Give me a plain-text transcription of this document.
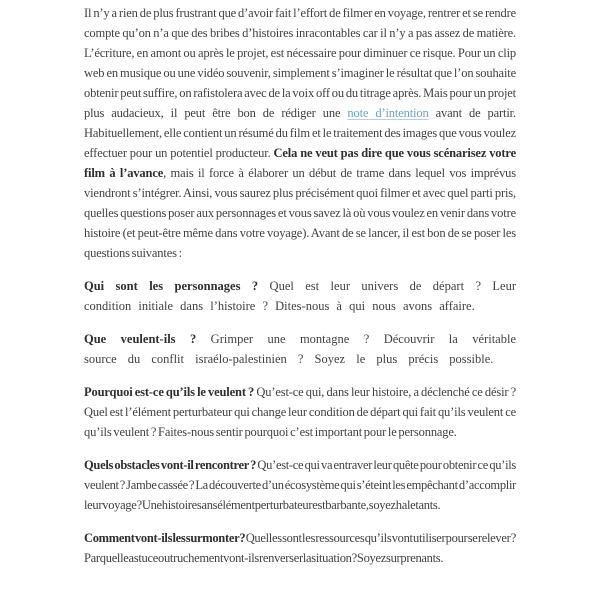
Il n’y a rien de plus frustrant que d’avoir fait l’effort de filmer en voyage, rentrer et se rendre compte qu’on n’a que des bribes d’histoires inracontables car il n’y a pas assez de matière. L’écriture, en amont ou après le projet, est nécessaire pour diminuer ce risque. Pour un clip web en musique ou une vidéo souvenir, simplement s’imaginer le résultat que l’on souhaite obtenir peut suffire, on rafistolera avec de la voix off ou du titrage après. Mais pour un projet plus audacieux, il peut être bon de rédiger une note d’intention avant de partir. Habituellement, elle contient un résumé du film et le traitement des images que vous voulez effectuer pour un potentiel producteur. Cela ne veut pas dire que vous scénarisez votre film à l’avance, mais il force à élaborer un début de trame dans lequel vos imprévus viendront s’intégrer. Ainsi, vous saurez plus précisément quoi filmer et avec quel parti pris, quelles questions poser aux personnages et vous savez là où vous voulez en venir dans votre histoire (et peut-être même dans votre voyage). Avant de se lancer, il est bon de se poser les questions suivantes :

Qui sont les personnages ? Quel est leur univers de départ ? Leur condition initiale dans l’histoire ? Dites-nous à qui nous avons affaire.

Que veulent-ils ? Grimper une montagne ? Découvrir la véritable source du conflit israélo-palestinien ? Soyez le plus précis possible.

Pourquoi est-ce qu’ils le veulent ? Qu’est-ce qui, dans leur histoire, a déclenché ce désir ? Quel est l’élément perturbateur qui change leur condition de départ qui fait qu’ils veulent ce qu’ils veulent ? Faites-nous sentir pourquoi c’est important pour le personnage.

Quels obstacles vont-il rencontrer ? Qu’est-ce qui va entraver leur quête pour obtenir ce qu’ils veulent ? Jambe cassée ? La découverte d’un écosystème qui s’éteint les empêchant d’accomplir leur voyage ? Une histoire sans élément perturbateur est barbante, soyez haletants.

Comment vont-ils les surmonter ? Quelles sont les ressources qu’ils vont utiliser pour se relever ? Par quelle astuce ou truchement vont-ils renverser la situation ? Soyez surprenants.
